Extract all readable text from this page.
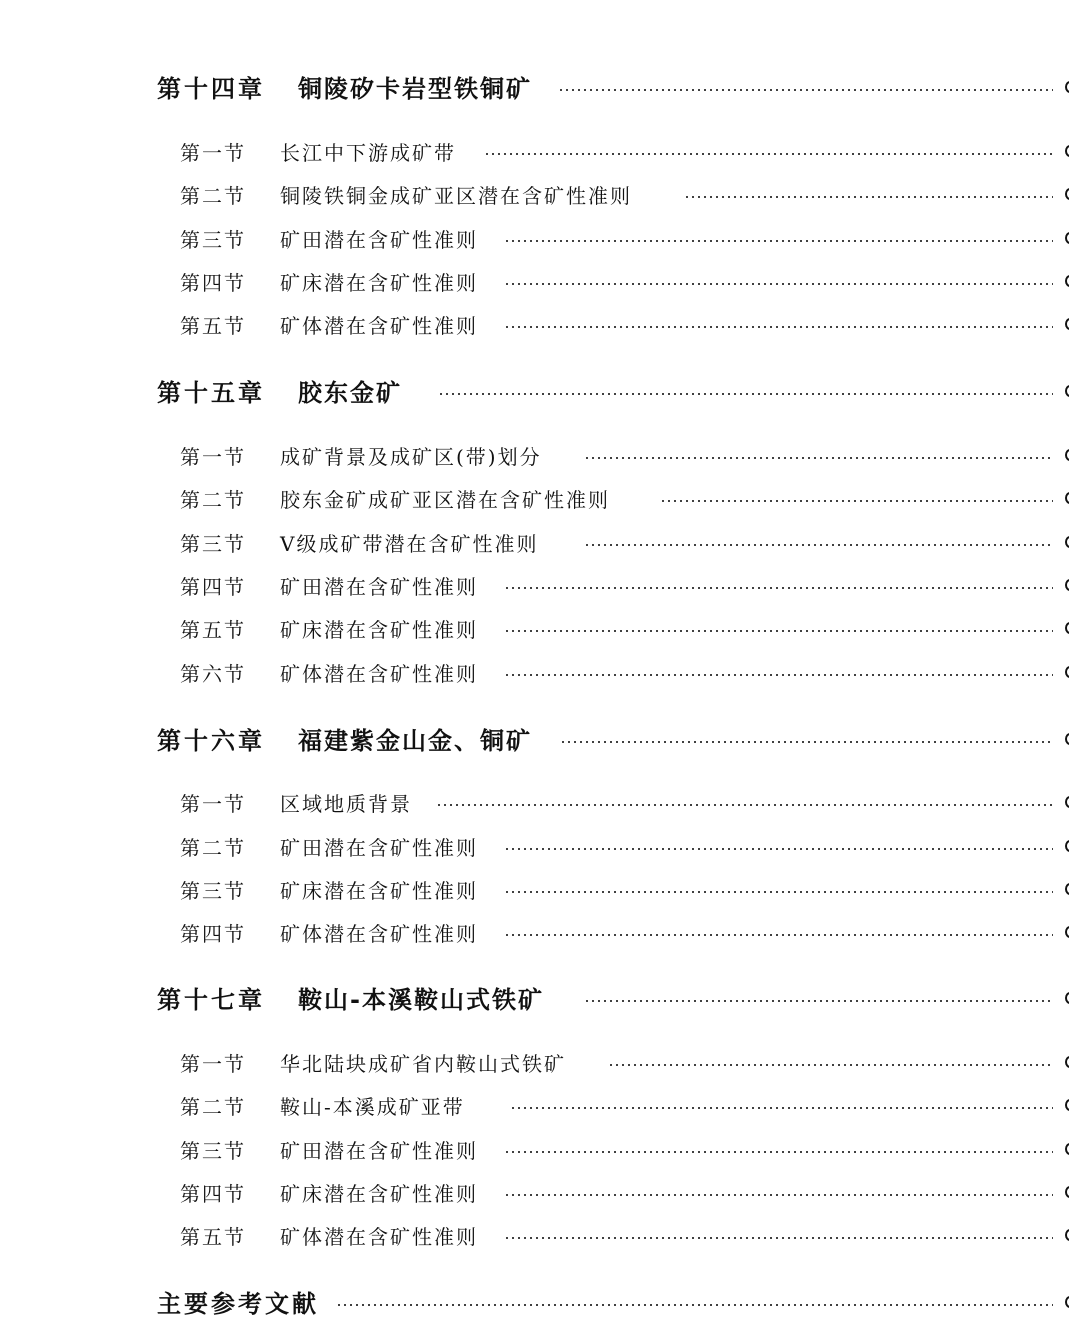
第十四章 铜陵矽卡岩型铁铜矿
第一节 长江中下游成矿带
第二节 铜陵铁铜金成矿亚区潜在含矿性准则
第三节 矿田潜在含矿性准则
第四节 矿床潜在含矿性准则
第五节 矿体潜在含矿性准则
第十五章 胶东金矿
第一节 成矿背景及成矿区(带)划分
第二节 胶东金矿成矿亚区潜在含矿性准则
第三节 Ⅴ级成矿带潜在含矿性准则
第四节 矿田潜在含矿性准则
第五节 矿床潜在含矿性准则
第六节 矿体潜在含矿性准则
第十六章 福建紫金山金、铜矿
第一节 区域地质背景
第二节 矿田潜在含矿性准则
第三节 矿床潜在含矿性准则
第四节 矿体潜在含矿性准则
第十七章 鞍山-本溪鞍山式铁矿
第一节 华北陆块成矿省内鞍山式铁矿
第二节 鞍山-本溪成矿亚带
第三节 矿田潜在含矿性准则
第四节 矿床潜在含矿性准则
第五节 矿体潜在含矿性准则
主要参考文献
